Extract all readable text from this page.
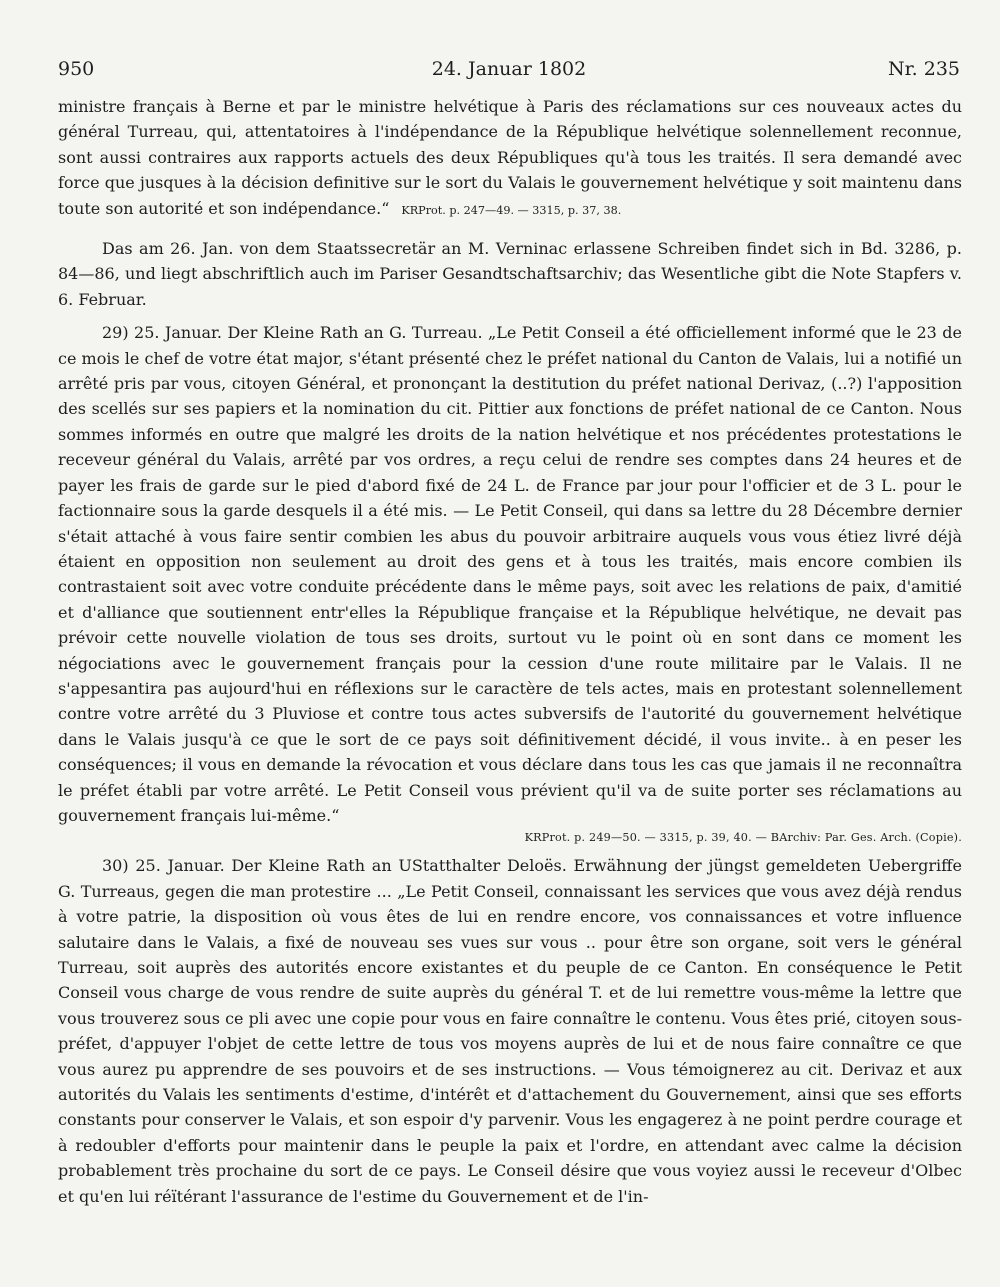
950	24. Januar 1802	Nr. 235

ministre français à Berne et par le ministre helvétique à Paris des réclamations sur ces nouveaux actes du général Turreau, qui, attentatoires à l'indépendance de la République helvétique solennellement reconnue, sont aussi contraires aux rapports actuels des deux Républiques qu'à tous les traités. Il sera demandé avec force que jusques à la décision definitive sur le sort du Valais le gouvernement helvétique y soit maintenu dans toute son autorité et son indépendance.“ KRProt. p. 247—49. — 3315, p. 37, 38.

Das am 26. Jan. von dem Staatssecretär an M. Verninac erlassene Schreiben findet sich in Bd. 3286, p. 84—86, und liegt abschriftlich auch im Pariser Gesandtschaftsarchiv; das Wesentliche gibt die Note Stapfers v. 6. Februar.

29) 25. Januar. Der Kleine Rath an G. Turreau. „Le Petit Conseil a été officiellement informé que le 23 de ce mois le chef de votre état major, s'étant présenté chez le préfet national du Canton de Valais, lui a notifié un arrêté pris par vous, citoyen Général, et prononçant la destitution du préfet national Derivaz, (..?) l'apposition des scellés sur ses papiers et la nomination du cit. Pittier aux fonctions de préfet national de ce Canton. Nous sommes informés en outre que malgré les droits de la nation helvétique et nos précédentes protestations le receveur général du Valais, arrêté par vos ordres, a reçu celui de rendre ses comptes dans 24 heures et de payer les frais de garde sur le pied d'abord fixé de 24 L. de France par jour pour l'officier et de 3 L. pour le factionnaire sous la garde desquels il a été mis. — Le Petit Conseil, qui dans sa lettre du 28 Décembre dernier s'était attaché à vous faire sentir combien les abus du pouvoir arbitraire auquels vous vous étiez livré déjà étaient en opposition non seulement au droit des gens et à tous les traités, mais encore combien ils contrastaient soit avec votre conduite précédente dans le même pays, soit avec les relations de paix, d'amitié et d'alliance que soutiennent entr'elles la République française et la République helvétique, ne devait pas prévoir cette nouvelle violation de tous ses droits, surtout vu le point où en sont dans ce moment les négociations avec le gouvernement français pour la cession d'une route militaire par le Valais. Il ne s'appesantira pas aujourd'hui en réflexions sur le caractère de tels actes, mais en protestant solennellement contre votre arrêté du 3 Pluviose et contre tous actes subversifs de l'autorité du gouvernement helvétique dans le Valais jusqu'à ce que le sort de ce pays soit définitivement décidé, il vous invite.. à en peser les conséquences; il vous en demande la révocation et vous déclare dans tous les cas que jamais il ne reconnaîtra le préfet établi par votre arrêté. Le Petit Conseil vous prévient qu'il va de suite porter ses réclamations au gouvernement français lui-même.“

KRProt. p. 249—50. — 3315, p. 39, 40. — BArchiv: Par. Ges. Arch. (Copie).

30) 25. Januar. Der Kleine Rath an UStatthalter Deloës. Erwähnung der jüngst gemeldeten Uebergriffe G. Turreaus, gegen die man protestire ... „Le Petit Conseil, connaissant les services que vous avez déjà rendus à votre patrie, la disposition où vous êtes de lui en rendre encore, vos connaissances et votre influence salutaire dans le Valais, a fixé de nouveau ses vues sur vous .. pour être son organe, soit vers le général Turreau, soit auprès des autorités encore existantes et du peuple de ce Canton. En conséquence le Petit Conseil vous charge de vous rendre de suite auprès du général T. et de lui remettre vous-même la lettre que vous trouverez sous ce pli avec une copie pour vous en faire connaître le contenu. Vous êtes prié, citoyen sous-préfet, d'appuyer l'objet de cette lettre de tous vos moyens auprès de lui et de nous faire connaître ce que vous aurez pu apprendre de ses pouvoirs et de ses instructions. — Vous témoignerez au cit. Derivaz et aux autorités du Valais les sentiments d'estime, d'intérêt et d'attachement du Gouvernement, ainsi que ses efforts constants pour conserver le Valais, et son espoir d'y parvenir. Vous les engagerez à ne point perdre courage et à redoubler d'efforts pour maintenir dans le peuple la paix et l'ordre, en attendant avec calme la décision probablement très prochaine du sort de ce pays. Le Conseil désire que vous voyiez aussi le receveur d'Olbec et qu'en lui réïtérant l'assurance de l'estime du Gouvernement et de l'in-
